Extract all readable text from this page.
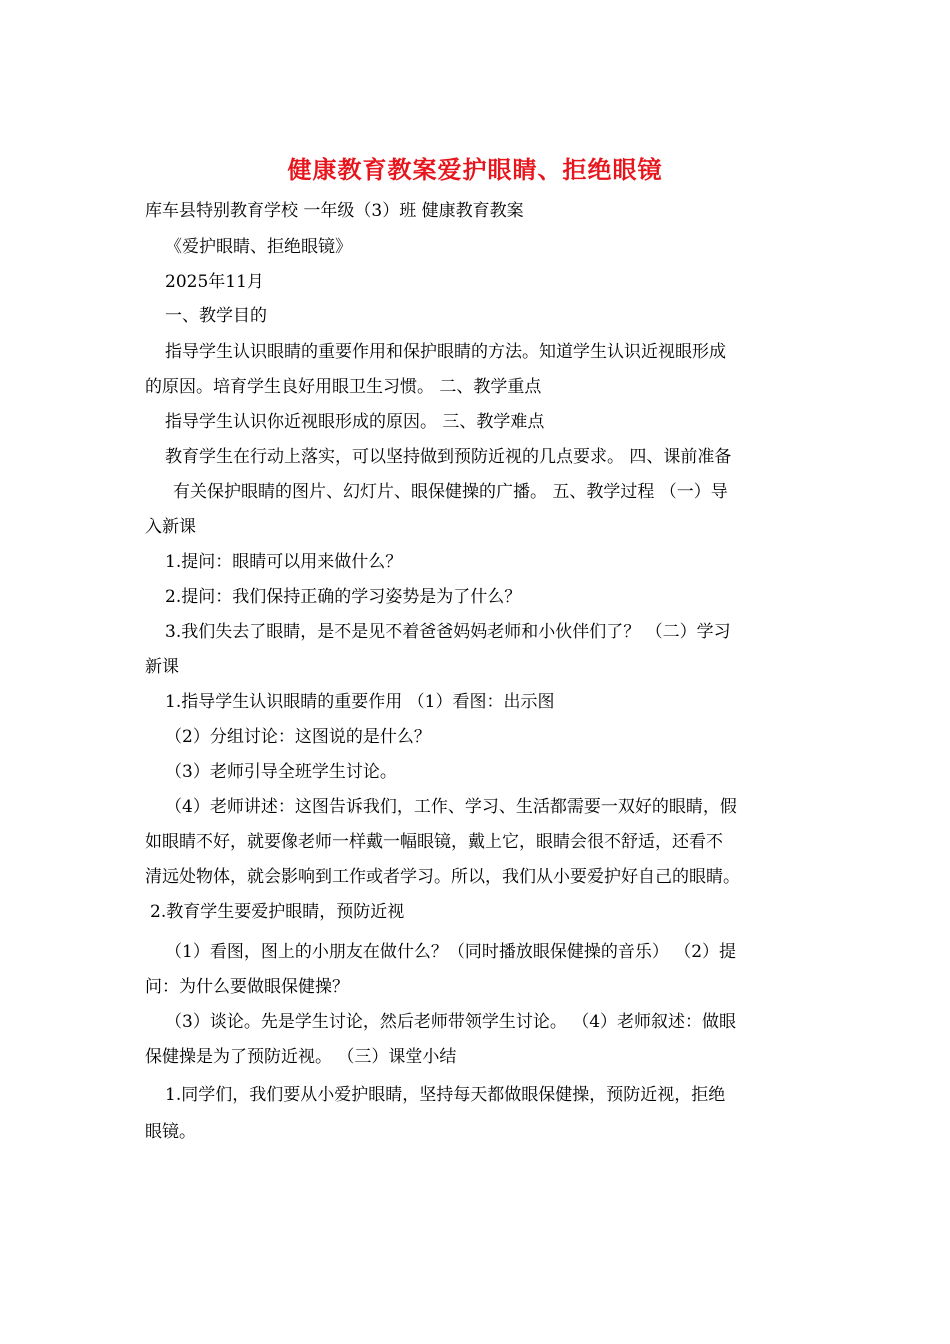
健康教育教案爱护眼睛、拒绝眼镜
库车县特别教育学校 一年级（3）班 健康教育教案
《爱护眼睛、拒绝眼镜》
2025年11月
一、教学目的
指导学生认识眼睛的重要作用和保护眼睛的方法。知道学生认识近视眼形成
的原因。培育学生良好用眼卫生习惯。 二、教学重点
指导学生认识你近视眼形成的原因。 三、教学难点
教育学生在行动上落实，可以坚持做到预防近视的几点要求。 四、课前准备
有关保护眼睛的图片、幻灯片、眼保健操的广播。 五、教学过程 （一）导
入新课
1.提问：眼睛可以用来做什么？
2.提问：我们保持正确的学习姿势是为了什么？
3.我们失去了眼睛，是不是见不着爸爸妈妈老师和小伙伴们了？ （二）学习
新课
1.指导学生认识眼睛的重要作用 （1）看图：出示图
（2）分组讨论：这图说的是什么？
（3）老师引导全班学生讨论。
（4）老师讲述：这图告诉我们，工作、学习、生活都需要一双好的眼睛，假
如眼睛不好，就要像老师一样戴一幅眼镜，戴上它，眼睛会很不舒适，还看不
清远处物体，就会影响到工作或者学习。所以，我们从小要爱护好自己的眼睛。
2.教育学生要爱护眼睛，预防近视
（1）看图，图上的小朋友在做什么？（同时播放眼保健操的音乐） （2）提
问：为什么要做眼保健操？
（3）谈论。先是学生讨论，然后老师带领学生讨论。 （4）老师叙述：做眼
保健操是为了预防近视。 （三）课堂小结
1.同学们，我们要从小爱护眼睛，坚持每天都做眼保健操，预防近视，拒绝
眼镜。
